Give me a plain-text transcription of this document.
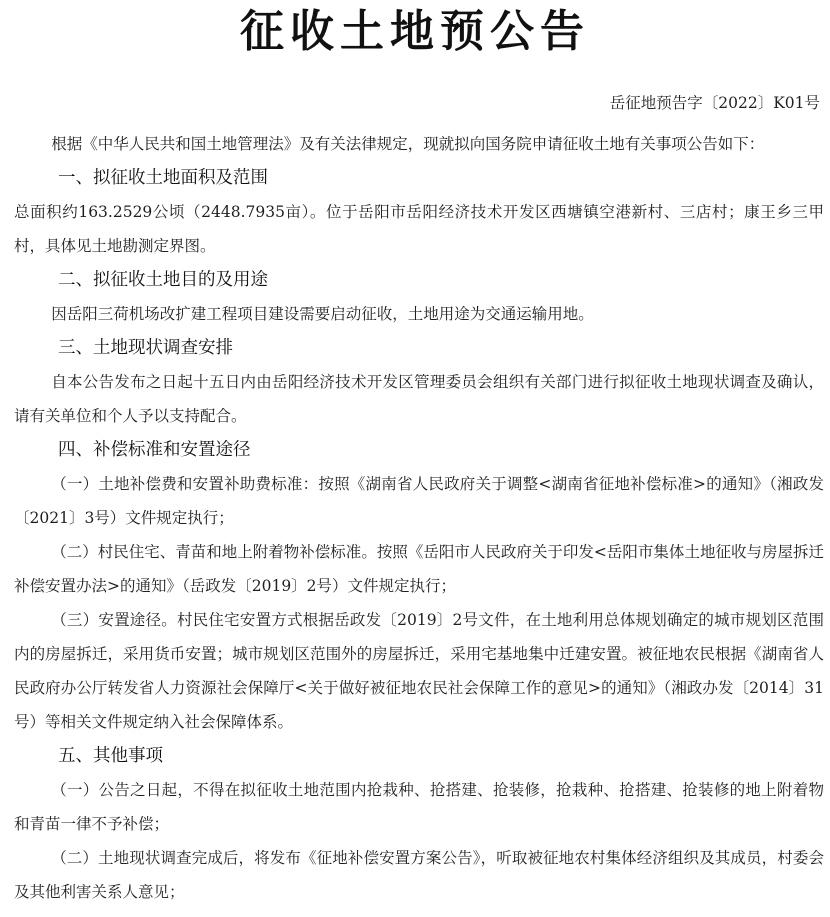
征收土地预公告
岳征地预告字〔2022〕K01号

根据《中华人民共和国土地管理法》及有关法律规定，现就拟向国务院申请征收土地有关事项公告如下：

一、拟征收土地面积及范围

总面积约163.2529公顷（2448.7935亩）。位于岳阳市岳阳经济技术开发区西塘镇空港新村、三店村；康王乡三甲村，具体见土地勘测定界图。

二、拟征收土地目的及用途

因岳阳三荷机场改扩建工程项目建设需要启动征收，土地用途为交通运输用地。

三、土地现状调查安排

自本公告发布之日起十五日内由岳阳经济技术开发区管理委员会组织有关部门进行拟征收土地现状调查及确认，请有关单位和个人予以支持配合。

四、补偿标准和安置途径

（一）土地补偿费和安置补助费标准：按照《湖南省人民政府关于调整<湖南省征地补偿标准>的通知》（湘政发〔2021〕3号）文件规定执行；

（二）村民住宅、青苗和地上附着物补偿标准。按照《岳阳市人民政府关于印发<岳阳市集体土地征收与房屋拆迁补偿安置办法>的通知》（岳政发〔2019〕2号）文件规定执行；

（三）安置途径。村民住宅安置方式根据岳政发〔2019〕2号文件，在土地利用总体规划确定的城市规划区范围内的房屋拆迁，采用货币安置；城市规划区范围外的房屋拆迁，采用宅基地集中迁建安置。被征地农民根据《湖南省人民政府办公厅转发省人力资源社会保障厅<关于做好被征地农民社会保障工作的意见>的通知》（湘政办发〔2014〕31号）等相关文件规定纳入社会保障体系。

五、其他事项

（一）公告之日起，不得在拟征收土地范围内抢栽种、抢搭建、抢装修，抢栽种、抢搭建、抢装修的地上附着物和青苗一律不予补偿；

（二）土地现状调查完成后，将发布《征地补偿安置方案公告》，听取被征地农村集体经济组织及其成员，村委会及其他利害关系人意见；
